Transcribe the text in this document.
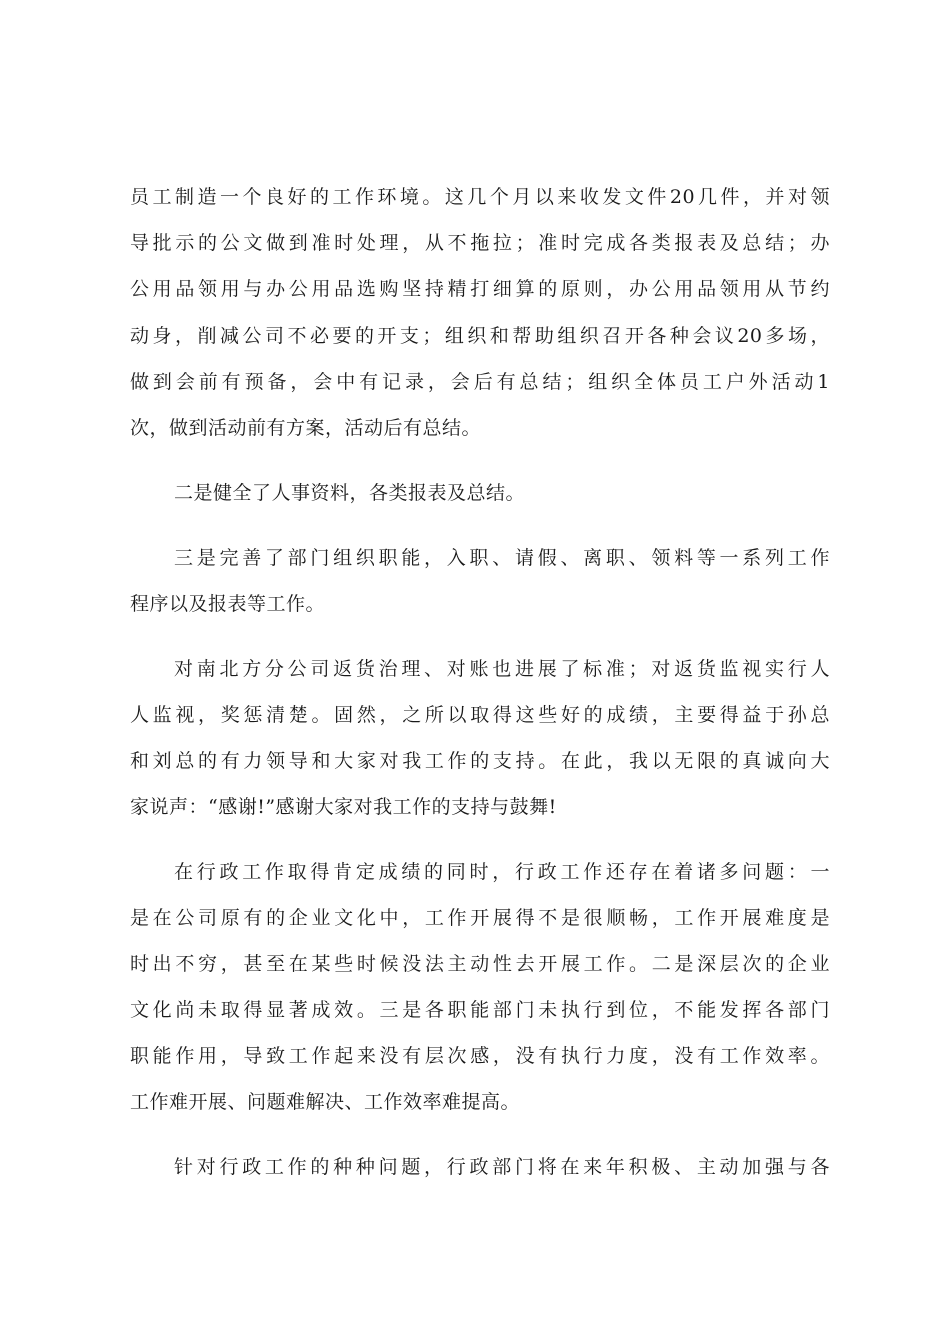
员工制造一个良好的工作环境。这几个月以来收发文件20几件，并对领
导批示的公文做到准时处理，从不拖拉；准时完成各类报表及总结；办
公用品领用与办公用品选购坚持精打细算的原则，办公用品领用从节约
动身，削减公司不必要的开支；组织和帮助组织召开各种会议20多场，
做到会前有预备，会中有记录，会后有总结；组织全体员工户外活动1
次，做到活动前有方案，活动后有总结。
二是健全了人事资料，各类报表及总结。
三是完善了部门组织职能，入职、请假、离职、领料等一系列工作
程序以及报表等工作。
对南北方分公司返货治理、对账也进展了标准；对返货监视实行人
人监视，奖惩清楚。固然，之所以取得这些好的成绩，主要得益于孙总
和刘总的有力领导和大家对我工作的支持。在此，我以无限的真诚向大
家说声：“感谢!”感谢大家对我工作的支持与鼓舞!
在行政工作取得肯定成绩的同时，行政工作还存在着诸多问题：一
是在公司原有的企业文化中，工作开展得不是很顺畅，工作开展难度是
时出不穷，甚至在某些时候没法主动性去开展工作。二是深层次的企业
文化尚未取得显著成效。三是各职能部门未执行到位，不能发挥各部门
职能作用，导致工作起来没有层次感，没有执行力度，没有工作效率。
工作难开展、问题难解决、工作效率难提高。
针对行政工作的种种问题，行政部门将在来年积极、主动加强与各
